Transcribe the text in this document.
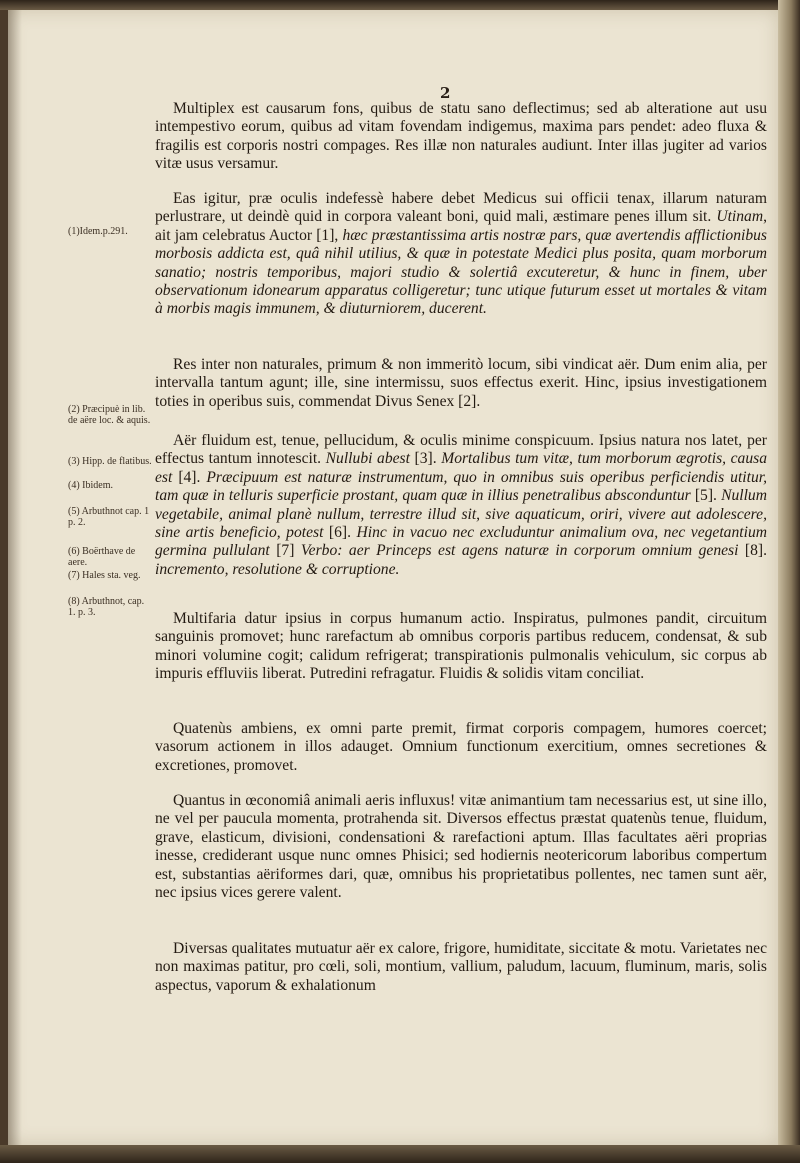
2
Multiplex est causarum fons, quibus de statu sano deflectimus; sed ab alteratione aut usu intempestivo eorum, quibus ad vitam fovendam indigemus, maxima pars pendet: adeo fluxa & fragilis est corporis nostri compages. Res illæ non naturales audiunt. Inter illas jugiter ad varios vitæ usus versamur.
Eas igitur, præ oculis indefessè habere debet Medicus sui officii tenax, illarum naturam perlustrare, ut deindè quid in corpora valeant boni, quid mali, æstimare penes illum sit. Utinam, ait jam celebratus Auctor [1], hæc præstantissima artis nostræ pars, quæ avertendis afflictionibus morbosis addicta est, quâ nihil utilius, & quæ in potestate Medici plus posita, quam morborum sanatio; nostris temporibus, majori studio & solertiâ excuteretur, & hunc in finem, uber observationum idonearum apparatus colligeretur; tunc utique futurum esset ut mortales & vitam à morbis magis immunem, & diuturniorem, ducerent.
Res inter non naturales, primum & non immeritò locum, sibi vindicat aër. Dum enim alia, per intervalla tantum agunt; ille, sine intermissu, suos effectus exerit. Hinc, ipsius investigationem toties in operibus suis, commendat Divus Senex [2].
Aër fluidum est, tenue, pellucidum, & oculis minime conspicuum. Ipsius natura nos latet, per effectus tantum innotescit. Nullubi abest [3]. Mortalibus tum vitæ, tum morborum ægrotis, causa est [4]. Præcipuum est naturæ instrumentum, quo in omnibus suis operibus perficiendis utitur, tam quæ in telluris superficie prostant, quam quæ in illius penetralibus absconduntur [5]. Nullum vegetabile, animal planè nullum, terrestre illud sit, sive aquaticum, oriri, vivere aut adolescere, sine artis beneficio, potest [6]. Hinc in vacuo nec excluduntur animalium ova, nec vegetantium germina pullulant [7] Verbo: aer Princeps est agens naturæ in corporum omnium genesi [8]. incremento, resolutione & corruptione.
Multifaria datur ipsius in corpus humanum actio. Inspiratus, pulmones pandit, circuitum sanguinis promovet; hunc rarefactum ab omnibus corporis partibus reducem, condensat, & sub minori volumine cogit; calidum refrigerat; transpirationis pulmonalis vehiculum, sic corpus ab impuris effluviis liberat. Putredini refragatur. Fluidis & solidis vitam conciliat.
Quatenùs ambiens, ex omni parte premit, firmat corporis compagem, humores coercet; vasorum actionem in illos adauget. Omnium functionum exercitium, omnes secretiones & excretiones, promovet.
Quantus in œconomiâ animali aeris influxus! vitæ animantium tam necessarius est, ut sine illo, ne vel per paucula momenta, protrahenda sit. Diversos effectus præstat quatenùs tenue, fluidum, grave, elasticum, divisioni, condensationi & rarefactioni aptum. Illas facultates aëri proprias inesse, crediderant usque nunc omnes Phisici; sed hodiernis neotericorum laboribus compertum est, substantias aëriformes dari, quæ, omnibus his proprietatibus pollentes, nec tamen sunt aër, nec ipsius vices gerere valent.
Diversas qualitates mutuatur aër ex calore, frigore, humiditate, siccitate & motu. Varietates nec non maximas patitur, pro cœli, soli, montium, vallium, paludum, lacuum, fluminum, maris, solis aspectus, vaporum & exhalationum
(1)Idem.p.291.
(2) Præcipuè in lib. de aëre loc. & aquis.
(3) Hipp. de flatibus.
(4) Ibidem.
(5) Arbuthnot cap. 1 p. 2.
(6) Boërthave de aere.
(7) Hales sta. veg.
(8) Arbuthnot, cap. 1. p. 3.
